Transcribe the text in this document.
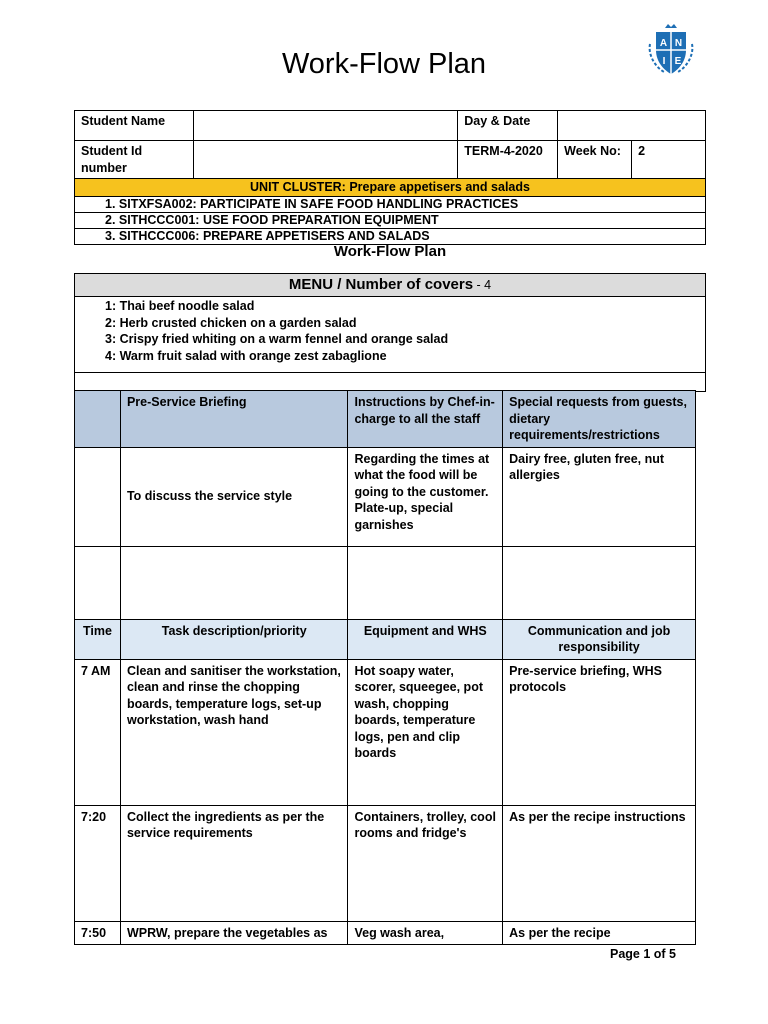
Work-Flow Plan
A N
I E
Student Name		Day & Date		
Student Id number		TERM-4-2020	Week No:	2
UNIT CLUSTER: Prepare appetisers and salads				
1. SITXFSA002: PARTICIPATE IN SAFE FOOD HANDLING PRACTICES				
2. SITHCCC001: USE FOOD PREPARATION EQUIPMENT				
3. SITHCCC006: PREPARE APPETISERS AND SALADS				
Work-Flow Plan
MENU / Number of covers - 4

1: Thai beef noodle salad
2: Herb crusted chicken on a garden salad
3: Crispy fried whiting on a warm fennel and orange salad
4: Warm fruit salad with orange zest zabaglione

	Pre-Service Briefing	Instructions by Chef-in-charge to all the staff	Special requests from guests, dietary requirements/restrictions
	To discuss the service style	Regarding the times at what the food will be going to the customer. Plate-up, special garnishes	Dairy free, gluten free, nut allergies

Time	Task description/priority	Equipment and WHS	Communication and job responsibility
7 AM	Clean and sanitiser the workstation, clean and rinse the chopping boards, temperature logs, set-up workstation, wash hand	Hot soapy water, scorer, squeegee, pot wash, chopping boards, temperature logs, pen and clip boards	Pre-service briefing, WHS protocols
7:20	Collect the ingredients as per the service requirements	Containers, trolley, cool rooms and fridge's	As per the recipe instructions
7:50	WPRW, prepare the vegetables as	Veg wash area,	As per the recipe
Page 1 of 5
